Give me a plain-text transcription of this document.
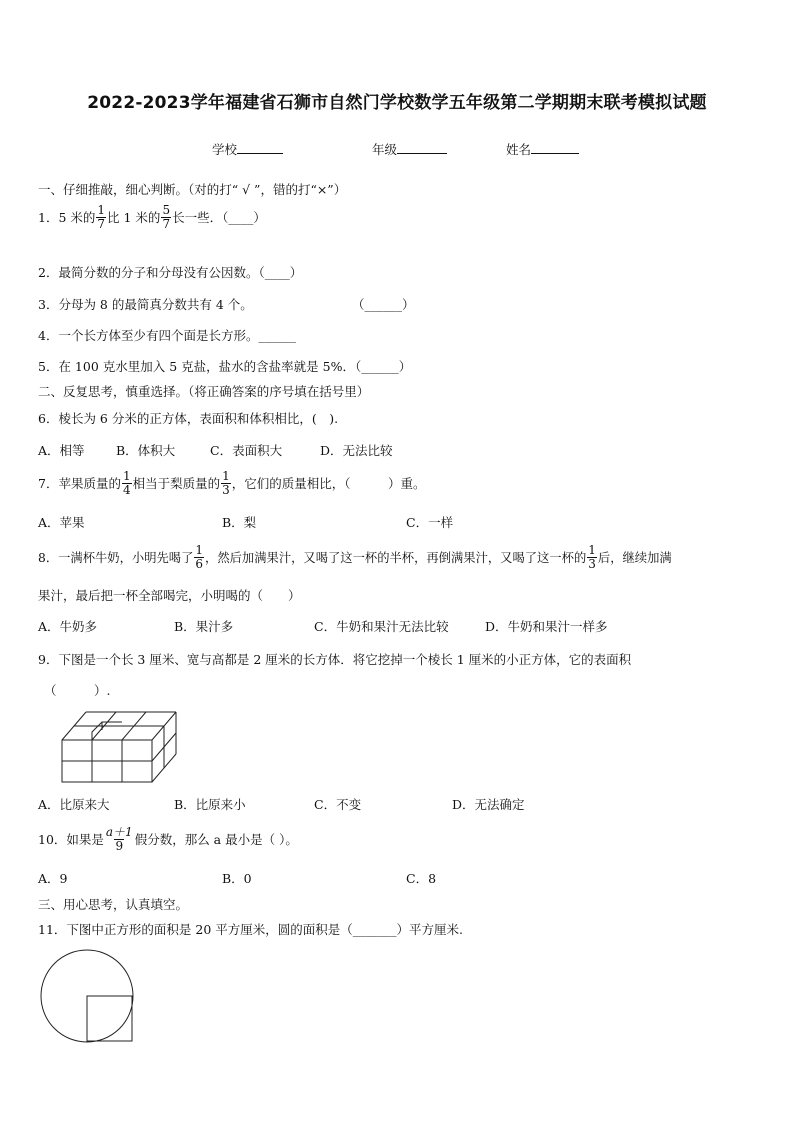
2022-2023学年福建省石狮市自然门学校数学五年级第二学期期末联考模拟试题
学校	年级	姓名
一、仔细推敲，细心判断。（对的打“ √ ”，错的打“×”）
1． 5 米的 $\frac{1}{7}$ 比 1 米的 $\frac{5}{7}$ 长一些．（____）
2．最简分数的分子和分母没有公因数。（____）
3．分母为 8 的最简真分数共有 4 个。	（______）
4．一个长方体至少有四个面是长方形。______
5．在 100 克水里加入 5 克盐，盐水的含盐率就是 5%．（______）
二、反复思考，慎重选择。（将正确答案的序号填在括号里）
6．棱长为 6 分米的正方体，表面积和体积相比，(　).
A．相等	B．体积大	C．表面积大	D．无法比较
7．苹果质量的 $\frac{1}{4}$ 相当于梨质量的 $\frac{1}{3}$ ，它们的质量相比，（　　　）重。
A．苹果	B．梨	C．一样
8．一满杯牛奶，小明先喝了 $\frac{1}{6}$ ，然后加满果汁，又喝了这一杯的半杯，再倒满果汁，又喝了这一杯的 $\frac{1}{3}$ 后，继续加满
果汁，最后把一杯全部喝完，小明喝的（　　）
A．牛奶多	B．果汁多	C．牛奶和果汁无法比较	D．牛奶和果汁一样多
9．下图是一个长 3 厘米、宽与高都是 2 厘米的长方体．将它挖掉一个棱长 1 厘米的小正方体，它的表面积
（　　　）.
A．比原来大	B．比原来小	C．不变	D．无法确定
10．如果是 $\frac{a+1}{9}$ 假分数，那么 a 最小是（ ）。
A．9	B．0	C．8
三、用心思考，认真填空。
11．下图中正方形的面积是 20 平方厘米，圆的面积是（_______）平方厘米.
